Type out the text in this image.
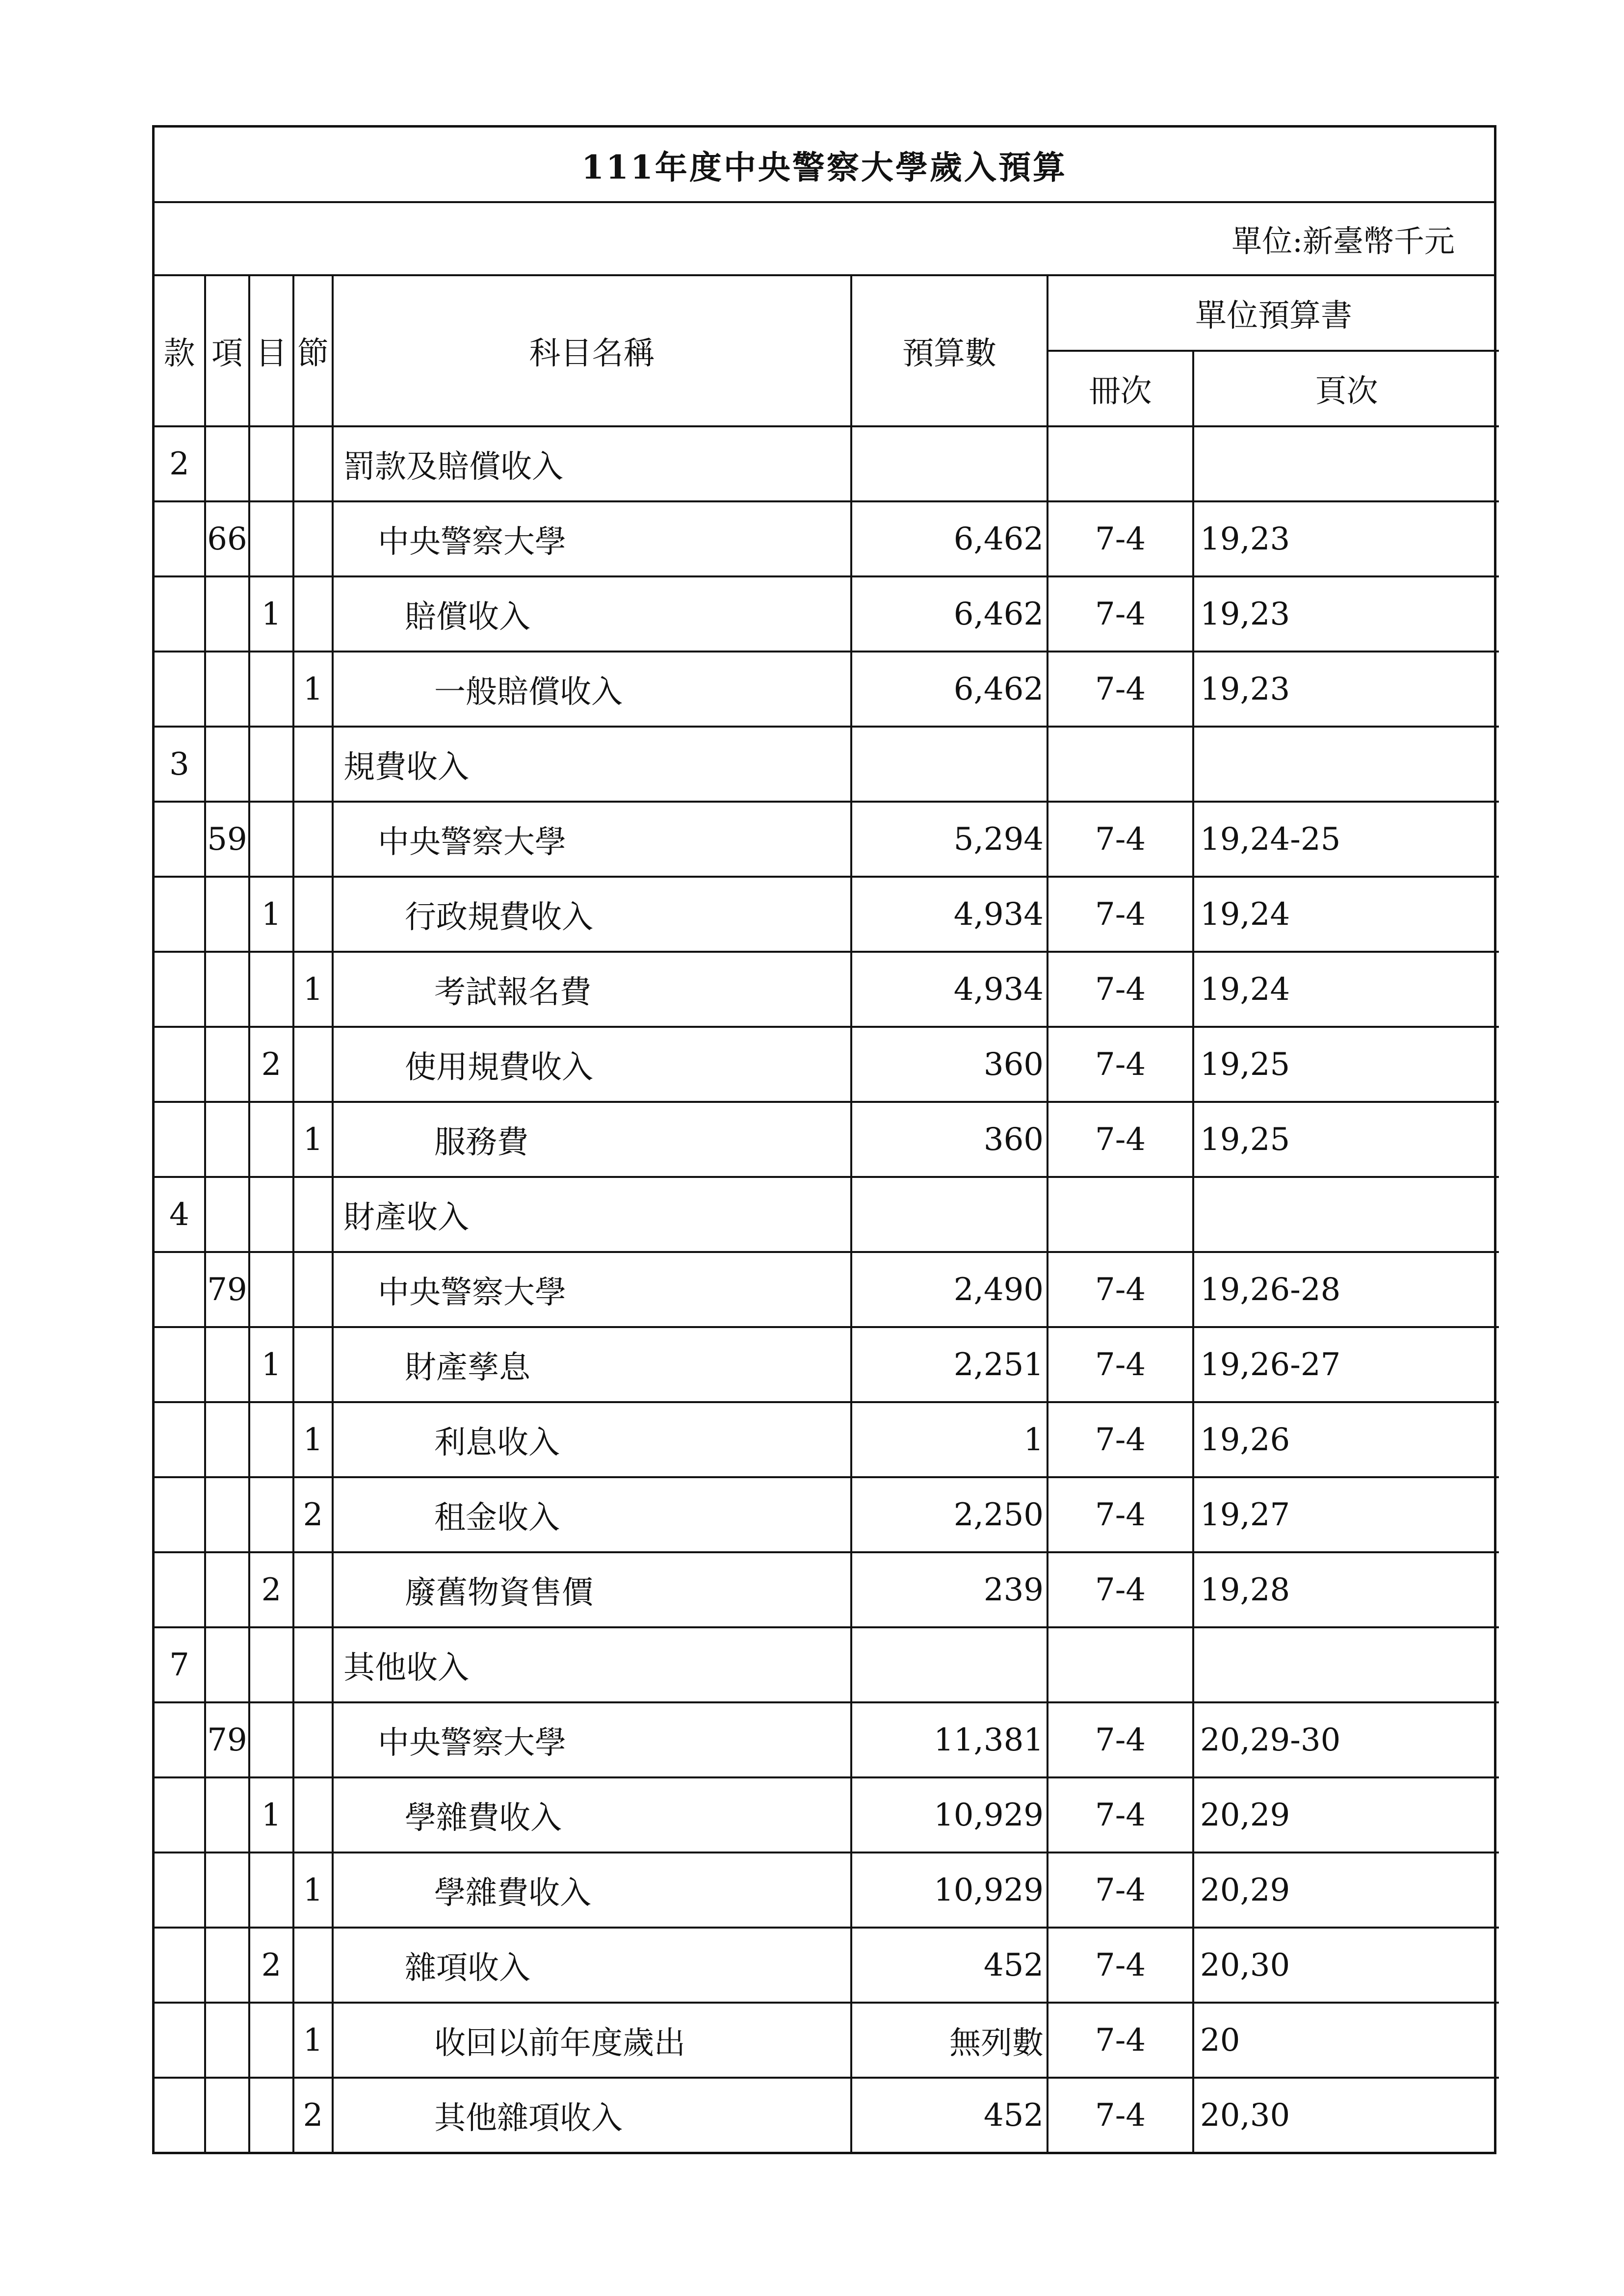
111年度中央警察大學歲入預算
單位:新臺幣千元
款	項	目	節	科目名稱	預算數	單位預算書	
						冊次	頁次
2				罰款及賠償收入			
	66			中央警察大學	6,462	7-4	19,23
		1		賠償收入	6,462	7-4	19,23
			1	一般賠償收入	6,462	7-4	19,23
3				規費收入			
	59			中央警察大學	5,294	7-4	19,24-25
		1		行政規費收入	4,934	7-4	19,24
			1	考試報名費	4,934	7-4	19,24
		2		使用規費收入	360	7-4	19,25
			1	服務費	360	7-4	19,25
4				財產收入			
	79			中央警察大學	2,490	7-4	19,26-28
		1		財產孳息	2,251	7-4	19,26-27
			1	利息收入	1	7-4	19,26
			2	租金收入	2,250	7-4	19,27
		2		廢舊物資售價	239	7-4	19,28
7				其他收入			
	79			中央警察大學	11,381	7-4	20,29-30
		1		學雜費收入	10,929	7-4	20,29
			1	學雜費收入	10,929	7-4	20,29
		2		雜項收入	452	7-4	20,30
			1	收回以前年度歲出	無列數	7-4	20
			2	其他雜項收入	452	7-4	20,30
